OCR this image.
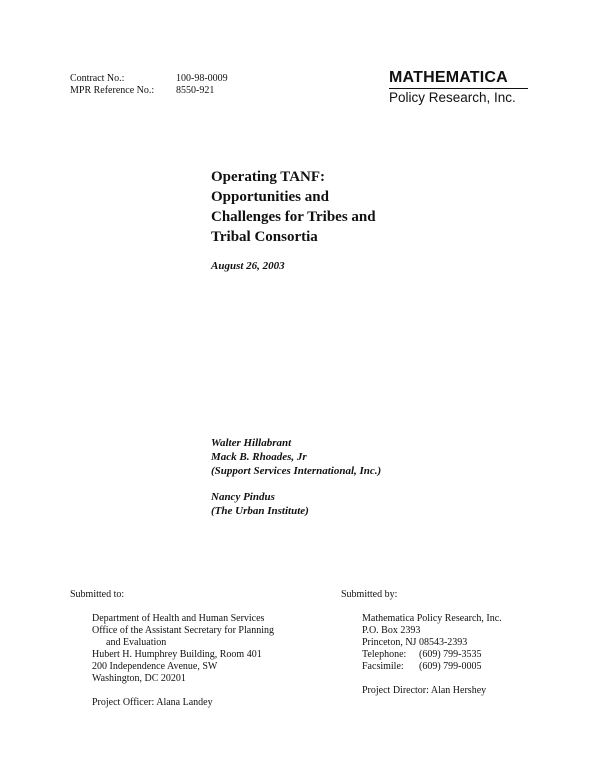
Contract No.:
MPR Reference No.:
100-98-0009
8550-921
MATHEMATICA
Policy Research, Inc.
Operating TANF:
Opportunities and
Challenges for Tribes and
Tribal Consortia
August 26, 2003
Walter Hillabrant
Mack B. Rhoades, Jr
(Support Services International, Inc.)
Nancy Pindus
(The Urban Institute)
Submitted to:
Department of Health and Human Services
Office of the Assistant Secretary for Planning
and Evaluation
Hubert H. Humphrey Building, Room 401
200 Independence Avenue, SW
Washington, DC 20201
Project Officer: Alana Landey
Submitted by:
Mathematica Policy Research, Inc.
P.O. Box 2393
Princeton, NJ 08543-2393
Telephone: (609) 799-3535
Facsimile: (609) 799-0005
Project Director: Alan Hershey
